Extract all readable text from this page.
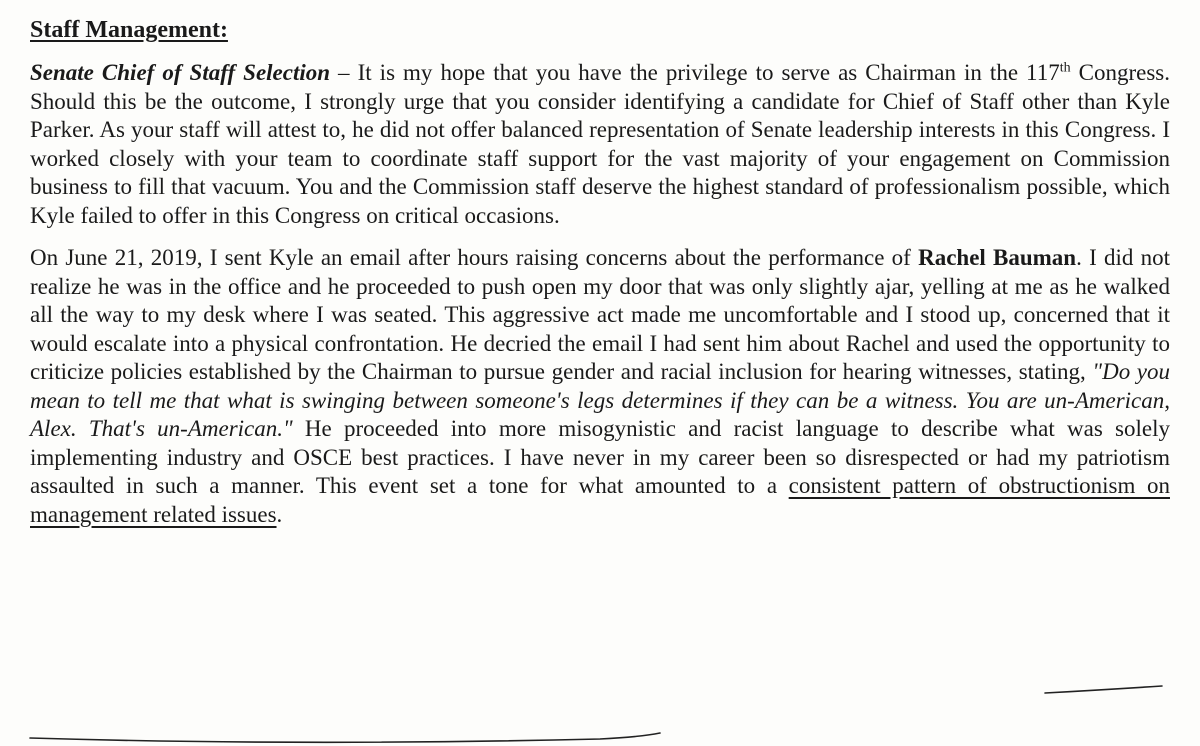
Staff Management:

Senate Chief of Staff Selection – It is my hope that you have the privilege to serve as Chairman in the 117th Congress. Should this be the outcome, I strongly urge that you consider identifying a candidate for Chief of Staff other than Kyle Parker. As your staff will attest to, he did not offer balanced representation of Senate leadership interests in this Congress. I worked closely with your team to coordinate staff support for the vast majority of your engagement on Commission business to fill that vacuum. You and the Commission staff deserve the highest standard of professionalism possible, which Kyle failed to offer in this Congress on critical occasions.

On June 21, 2019, I sent Kyle an email after hours raising concerns about the performance of Rachel Bauman. I did not realize he was in the office and he proceeded to push open my door that was only slightly ajar, yelling at me as he walked all the way to my desk where I was seated. This aggressive act made me uncomfortable and I stood up, concerned that it would escalate into a physical confrontation. He decried the email I had sent him about Rachel and used the opportunity to criticize policies established by the Chairman to pursue gender and racial inclusion for hearing witnesses, stating, "Do you mean to tell me that what is swinging between someone's legs determines if they can be a witness. You are un-American, Alex. That's un-American." He proceeded into more misogynistic and racist language to describe what was solely implementing industry and OSCE best practices. I have never in my career been so disrespected or had my patriotism assaulted in such a manner. This event set a tone for what amounted to a consistent pattern of obstructionism on management related issues.
